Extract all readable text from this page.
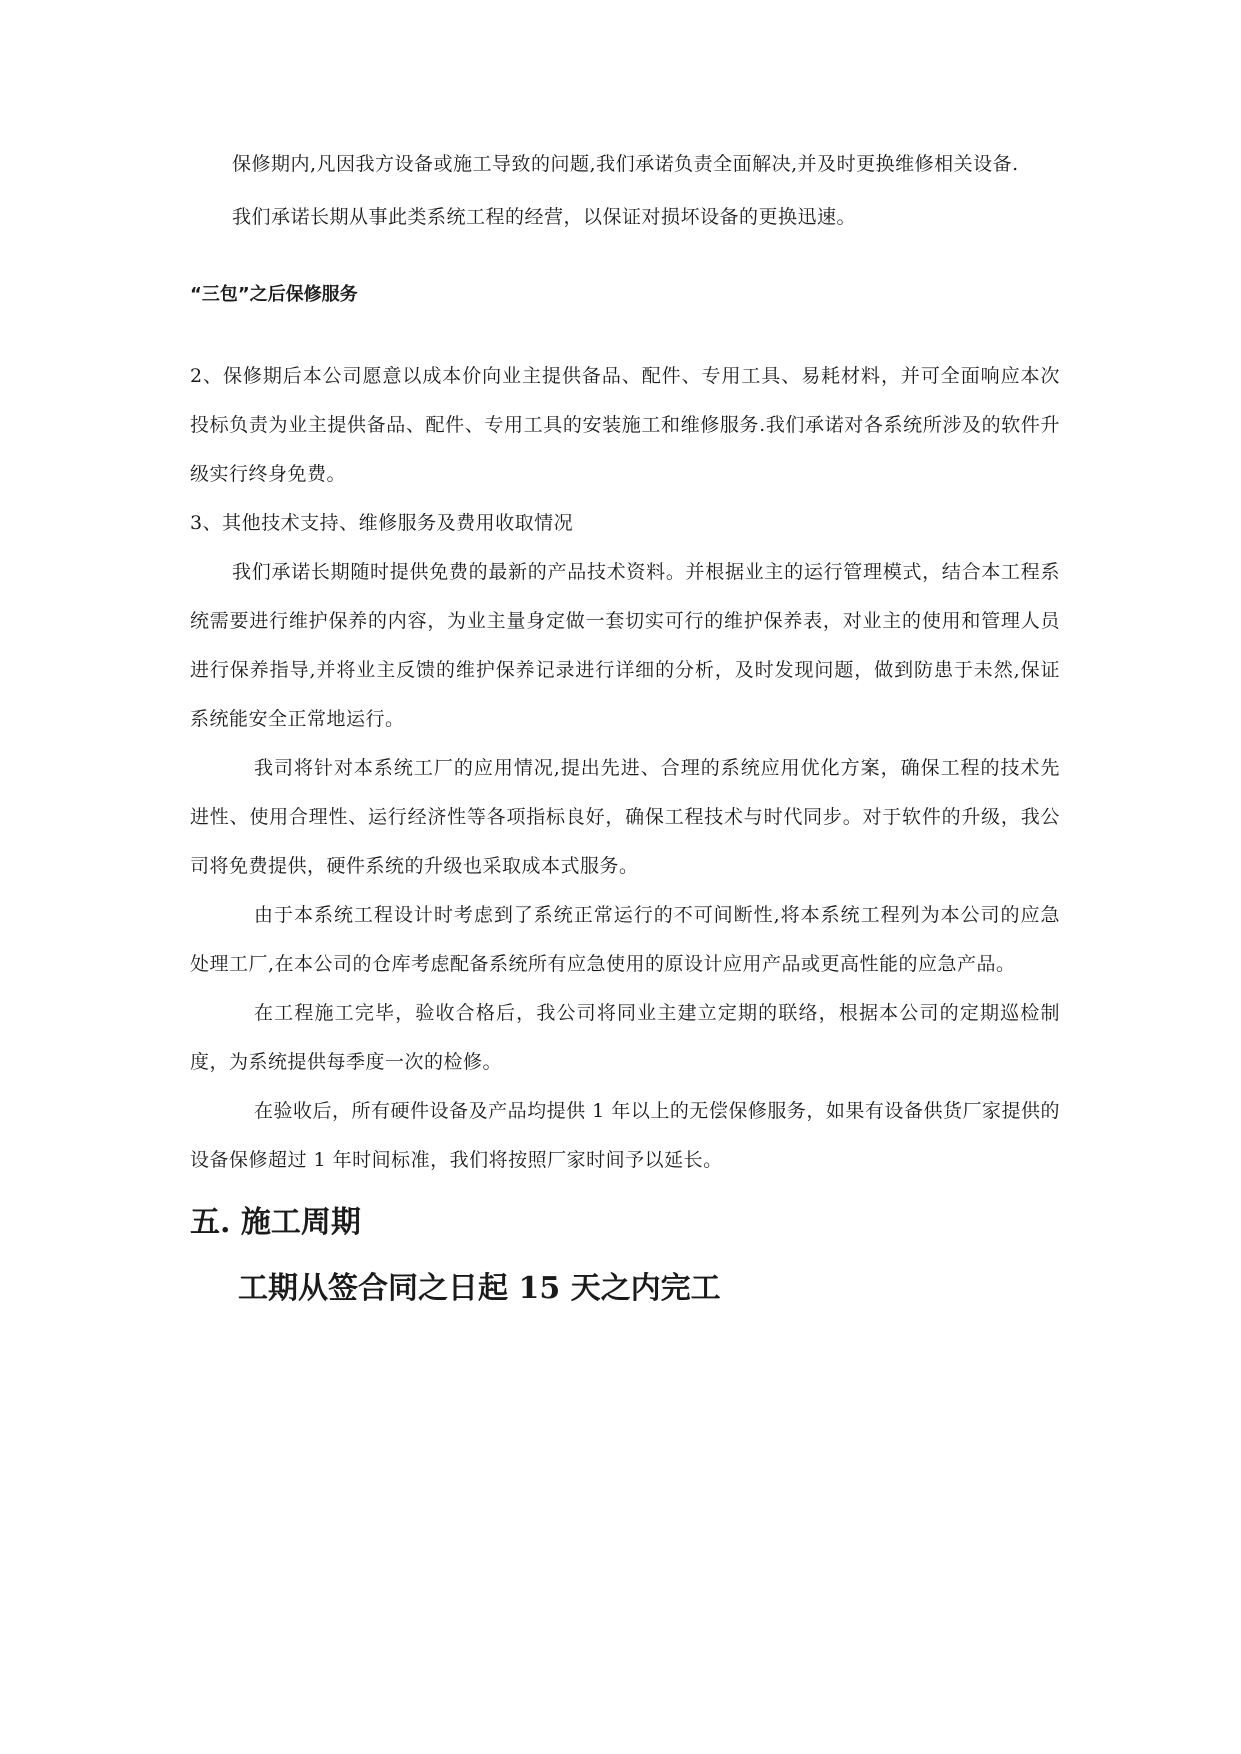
保修期内,凡因我方设备或施工导致的问题,我们承诺负责全面解决,并及时更换维修相关设备.

我们承诺长期从事此类系统工程的经营，以保证对损坏设备的更换迅速。

“三包”之后保修服务

2、保修期后本公司愿意以成本价向业主提供备品、配件、专用工具、易耗材料，并可全面响应本次投标负责为业主提供备品、配件、专用工具的安装施工和维修服务.我们承诺对各系统所涉及的软件升级实行终身免费。

3、其他技术支持、维修服务及费用收取情况

我们承诺长期随时提供免费的最新的产品技术资料。并根据业主的运行管理模式，结合本工程系统需要进行维护保养的内容，为业主量身定做一套切实可行的维护保养表，对业主的使用和管理人员进行保养指导,并将业主反馈的维护保养记录进行详细的分析，及时发现问题，做到防患于未然,保证系统能安全正常地运行。

我司将针对本系统工厂的应用情况,提出先进、合理的系统应用优化方案，确保工程的技术先进性、使用合理性、运行经济性等各项指标良好，确保工程技术与时代同步。对于软件的升级，我公司将免费提供，硬件系统的升级也采取成本式服务。

由于本系统工程设计时考虑到了系统正常运行的不可间断性,将本系统工程列为本公司的应急处理工厂,在本公司的仓库考虑配备系统所有应急使用的原设计应用产品或更高性能的应急产品。

在工程施工完毕，验收合格后，我公司将同业主建立定期的联络，根据本公司的定期巡检制度，为系统提供每季度一次的检修。

在验收后，所有硬件设备及产品均提供 1 年以上的无偿保修服务，如果有设备供货厂家提供的设备保修超过 1 年时间标准，我们将按照厂家时间予以延长。

五. 施工周期
工期从签合同之日起 15 天之内完工
